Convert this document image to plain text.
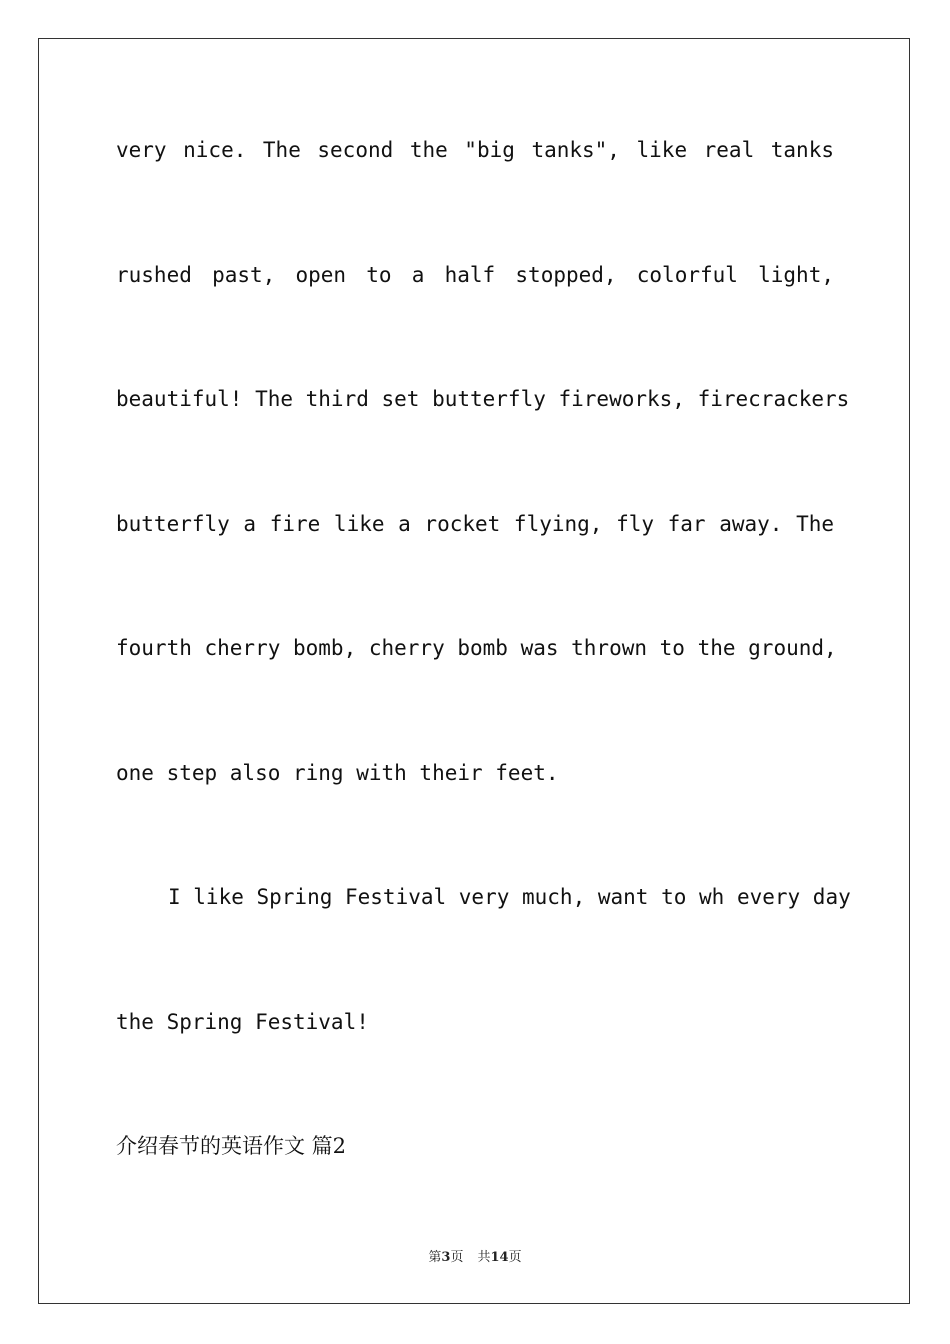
very nice. The second the "big tanks", like real tanks
rushed past, open to a half stopped, colorful light,
beautiful! The third set butterfly fireworks, firecrackers
butterfly a fire like a rocket flying, fly far away. The
fourth cherry bomb, cherry bomb was thrown to the ground,
one step also ring with their feet.
I like Spring Festival very much, want to wh every day
the Spring Festival!
介绍春节的英语作文 篇2
第3页 共14页
